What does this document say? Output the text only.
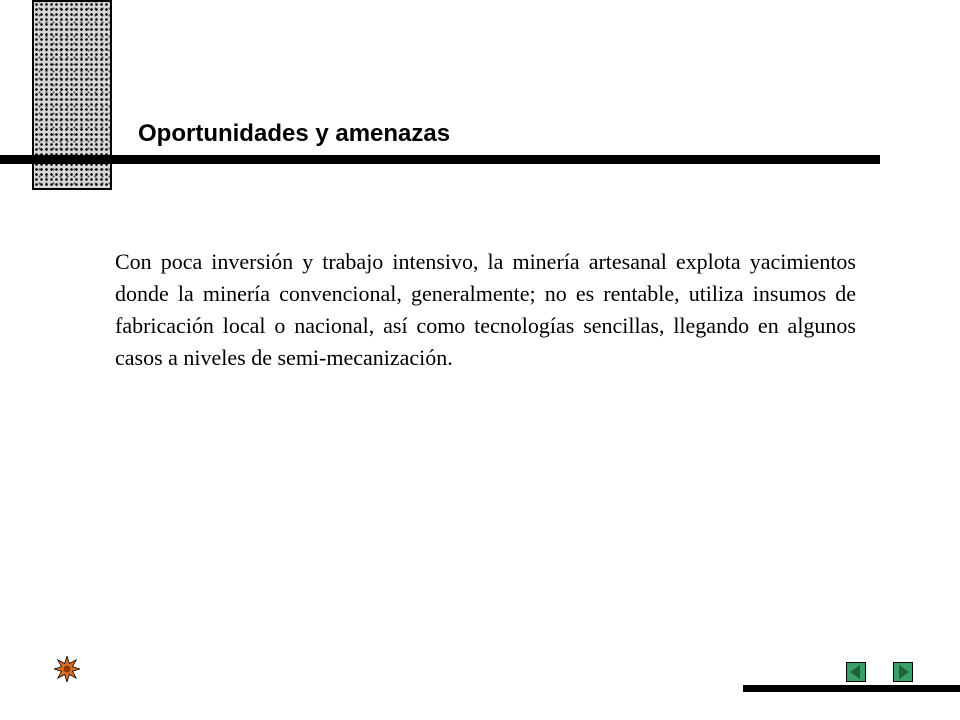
Oportunidades y amenazas

Con poca inversión y trabajo intensivo, la minería artesanal explota yacimientos donde la minería convencional, generalmente; no es rentable, utiliza insumos de fabricación local o nacional, así como tecnologías sencillas, llegando en algunos casos a niveles de semi-mecanización.
